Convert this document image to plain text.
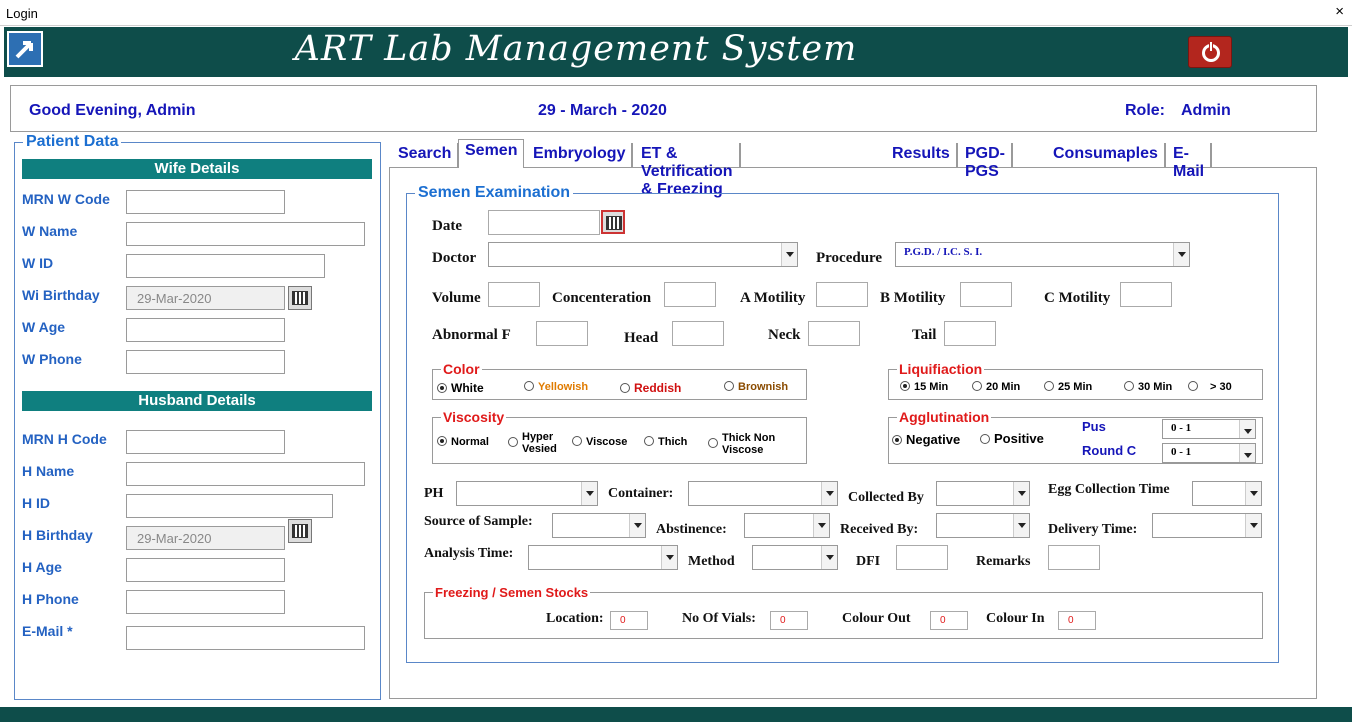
Login	×
ART Lab Management System
Good Evening, Admin	29 - March - 2020	Role: Admin
Patient Data
Wife Details
MRN W Code
W Name
W ID
Wi Birthday	29-Mar-2020
W Age
W Phone
Husband Details
MRN H Code
H Name
H ID
H Birthday	29-Mar-2020
H Age
H Phone
E-Mail *
Search Semen Embryology ET & Vetrification & Freezing
Results PGD-PGS
Consumaples E-Mail
Semen Examination
Date
Doctor	Procedure P.G.D. / I.C. S. I.
Volume	Concenteration	A Motility	B Motility	C Motility
Abnormal F	Head	Neck	Tail
Color
White	Yellowish	Reddish	Brownish
Liquifiaction
15 Min	20 Min	25 Min	30 Min	> 30
Viscosity
Normal	Hyper Vesied
Viscose	Thich	Thick Non Viscose
Agglutination
Negative	Positive
Pus	0 - 1
Round C	0 - 1
PH	Container:	Collected By
Egg Collection Time
Source of Sample:
Abstinence:	Received By:	Delivery Time:
Analysis Time:
Method	DFI	Remarks
Freezing / Semen Stocks
Location:	0	No Of Vials:	0	Colour Out	0	Colour In	0
